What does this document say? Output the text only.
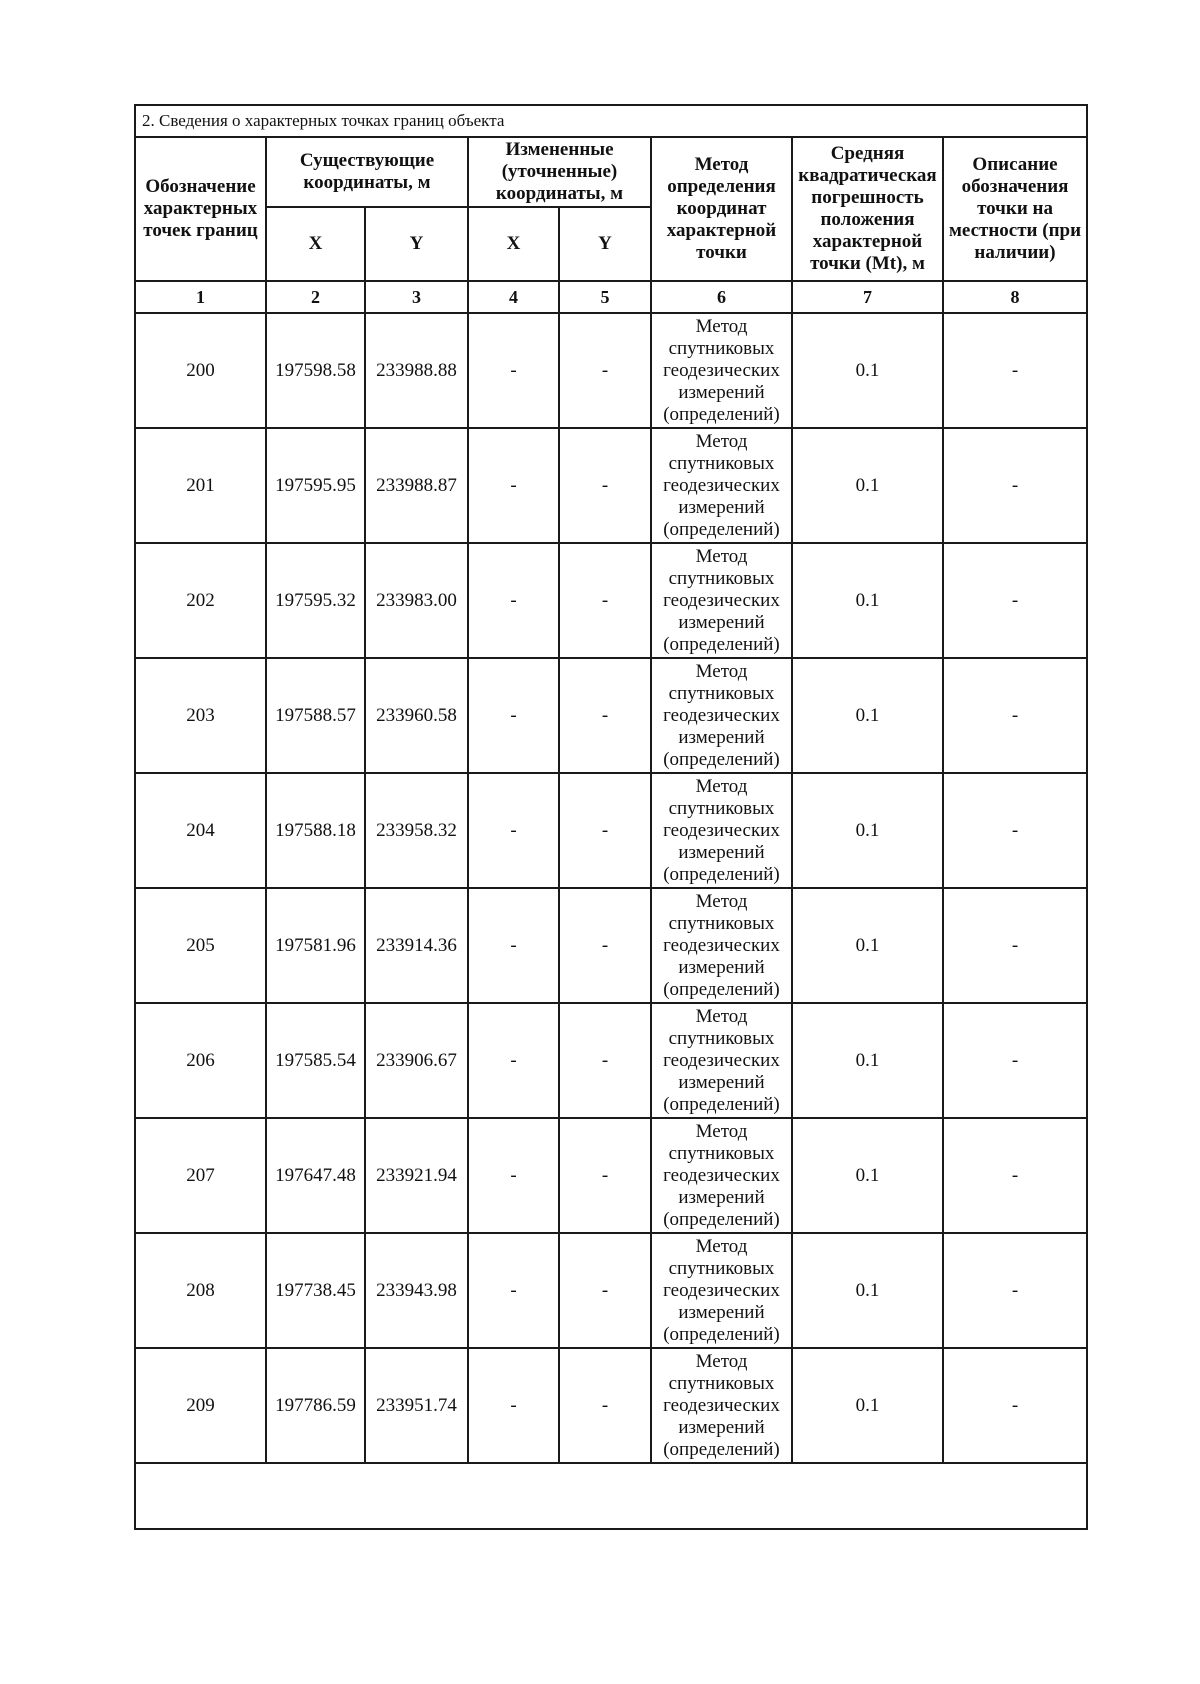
2. Сведения о характерных точках границ объекта							
Обозначение характерных точек границ	Существующие координаты, м		Измененные (уточненные) координаты, м		Метод определения координат характерной точки	Средняя квадратическая погрешность положения характерной точки (Mt), м	Описание обозначения точки на местности (при наличии)
	X	Y	X	Y			
1	2	3	4	5	6	7	8
200	197598.58	233988.88	-	-	Метод спутниковых геодезических измерений (определений)	0.1	-
201	197595.95	233988.87	-	-	Метод спутниковых геодезических измерений (определений)	0.1	-
202	197595.32	233983.00	-	-	Метод спутниковых геодезических измерений (определений)	0.1	-
203	197588.57	233960.58	-	-	Метод спутниковых геодезических измерений (определений)	0.1	-
204	197588.18	233958.32	-	-	Метод спутниковых геодезических измерений (определений)	0.1	-
205	197581.96	233914.36	-	-	Метод спутниковых геодезических измерений (определений)	0.1	-
206	197585.54	233906.67	-	-	Метод спутниковых геодезических измерений (определений)	0.1	-
207	197647.48	233921.94	-	-	Метод спутниковых геодезических измерений (определений)	0.1	-
208	197738.45	233943.98	-	-	Метод спутниковых геодезических измерений (определений)	0.1	-
209	197786.59	233951.74	-	-	Метод спутниковых геодезических измерений (определений)	0.1	-
